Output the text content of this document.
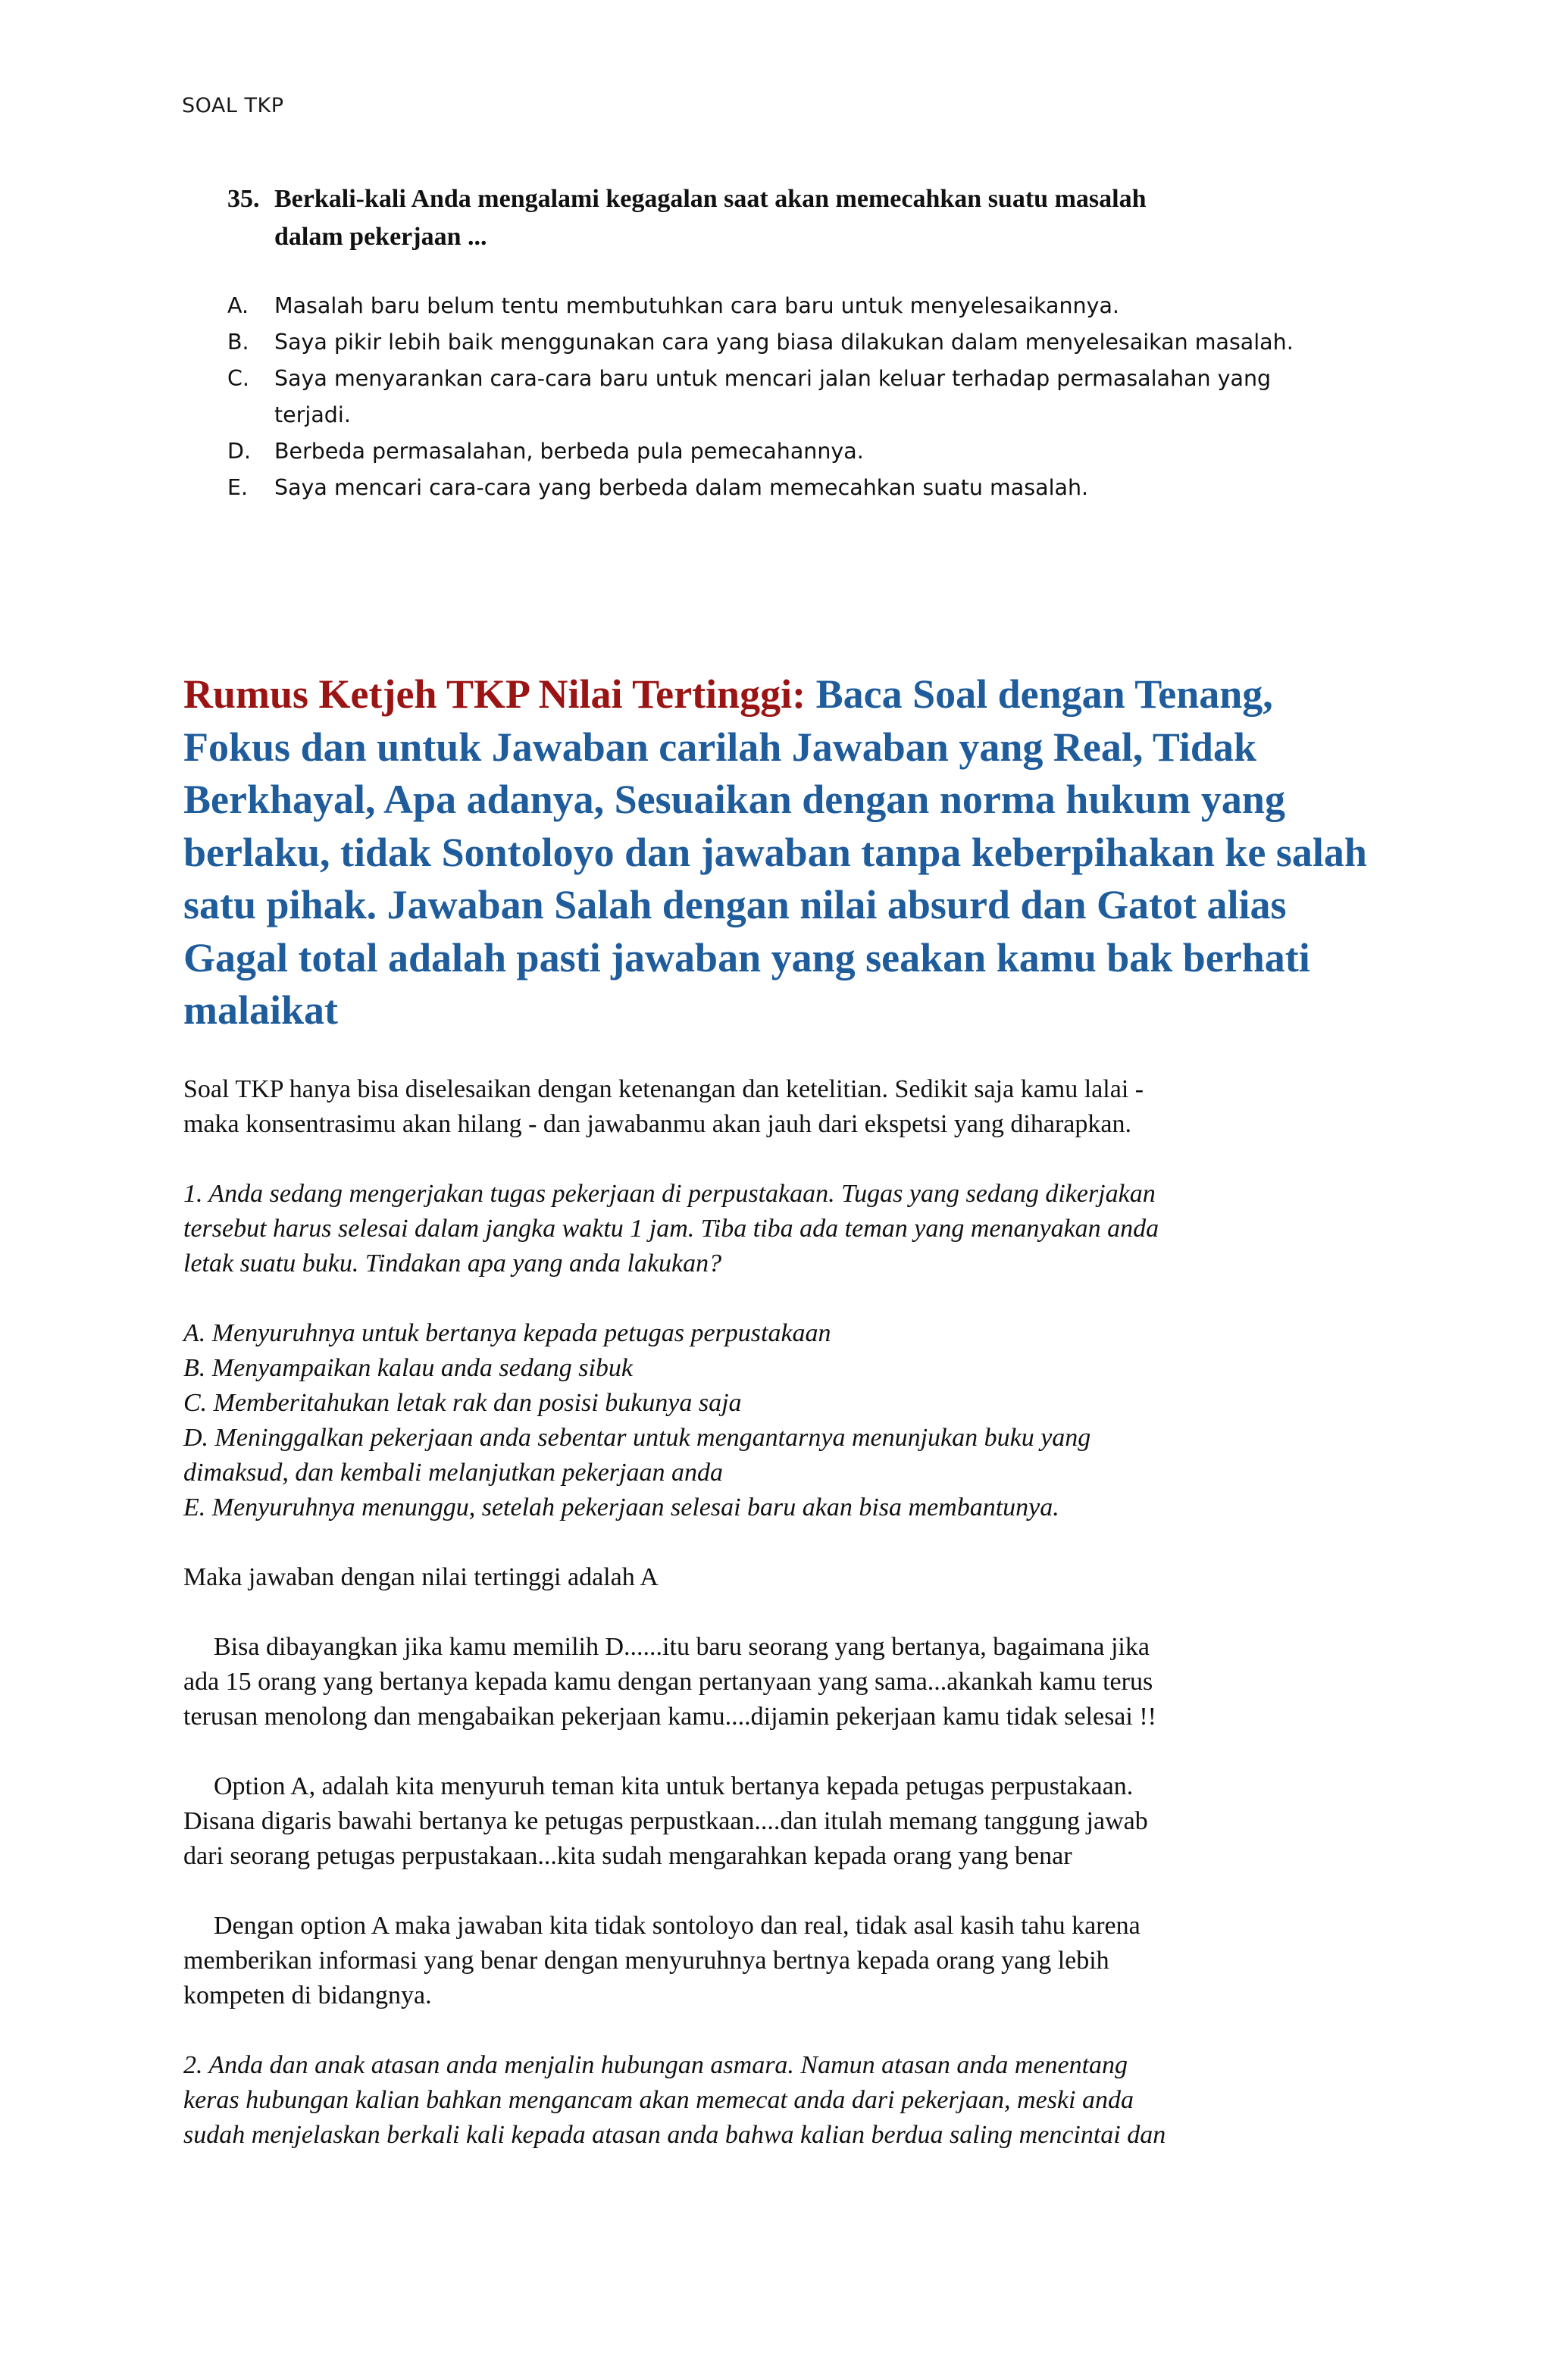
SOAL TKP
35. Berkali-kali Anda mengalami kegagalan saat akan memecahkan suatu masalah
dalam pekerjaan ...
A. Masalah baru belum tentu membutuhkan cara baru untuk menyelesaikannya.
B. Saya pikir lebih baik menggunakan cara yang biasa dilakukan dalam menyelesaikan masalah.
C. Saya menyarankan cara-cara baru untuk mencari jalan keluar terhadap permasalahan yang terjadi.
D. Berbeda permasalahan, berbeda pula pemecahannya.
E. Saya mencari cara-cara yang berbeda dalam memecahkan suatu masalah.
Rumus Ketjeh TKP Nilai Tertinggi: Baca Soal dengan Tenang, Fokus dan untuk Jawaban carilah Jawaban yang Real, Tidak Berkhayal, Apa adanya, Sesuaikan dengan norma hukum yang berlaku, tidak Sontoloyo dan jawaban tanpa keberpihakan ke salah satu pihak. Jawaban Salah dengan nilai absurd dan Gatot alias Gagal total adalah pasti jawaban yang seakan kamu bak berhati malaikat

Soal TKP hanya bisa diselesaikan dengan ketenangan dan ketelitian. Sedikit saja kamu lalai -

maka konsentrasimu akan hilang - dan jawabanmu akan jauh dari ekspetsi yang diharapkan.

1. Anda sedang mengerjakan tugas pekerjaan di perpustakaan. Tugas yang sedang dikerjakan

tersebut harus selesai dalam jangka waktu 1 jam. Tiba tiba ada teman yang menanyakan anda

letak suatu buku. Tindakan apa yang anda lakukan?

A. Menyuruhnya untuk bertanya kepada petugas perpustakaan

B. Menyampaikan kalau anda sedang sibuk

C. Memberitahukan letak rak dan posisi bukunya saja

D. Meninggalkan pekerjaan anda sebentar untuk mengantarnya menunjukan buku yang

dimaksud, dan kembali melanjutkan pekerjaan anda

E. Menyuruhnya menunggu, setelah pekerjaan selesai baru akan bisa membantunya.

Maka jawaban dengan nilai tertinggi adalah A

Bisa dibayangkan jika kamu memilih D......itu baru seorang yang bertanya, bagaimana jika

ada 15 orang yang bertanya kepada kamu dengan pertanyaan yang sama...akankah kamu terus

terusan menolong dan mengabaikan pekerjaan kamu....dijamin pekerjaan kamu tidak selesai !!

Option A, adalah kita menyuruh teman kita untuk bertanya kepada petugas perpustakaan.

Disana digaris bawahi bertanya ke petugas perpustkaan....dan itulah memang tanggung jawab

dari seorang petugas perpustakaan...kita sudah mengarahkan kepada orang yang benar

Dengan option A maka jawaban kita tidak sontoloyo dan real, tidak asal kasih tahu karena

memberikan informasi yang benar dengan menyuruhnya bertnya kepada orang yang lebih

kompeten di bidangnya.

2. Anda dan anak atasan anda menjalin hubungan asmara. Namun atasan anda menentang

keras hubungan kalian bahkan mengancam akan memecat anda dari pekerjaan, meski anda

sudah menjelaskan berkali kali kepada atasan anda bahwa kalian berdua saling mencintai dan
